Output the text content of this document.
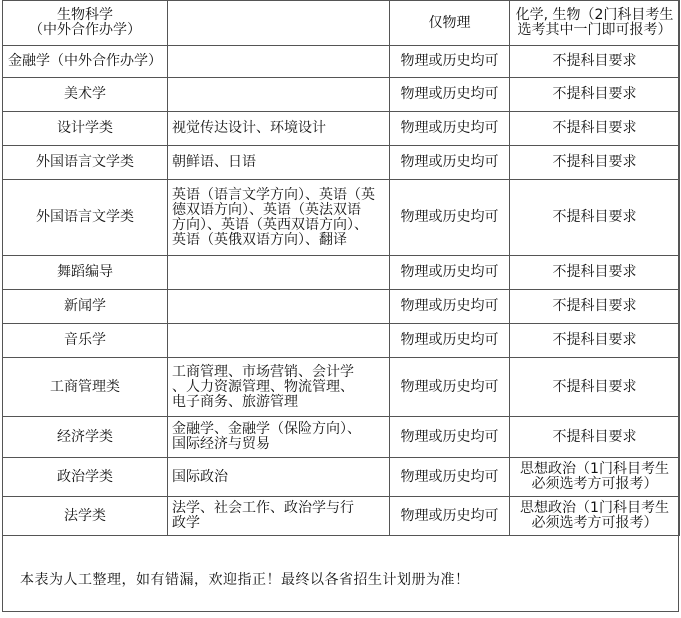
生物科学
（中外合作办学）		仅物理	化学, 生物（2门科目考生
选考其中一门即可报考）
金融学（中外合作办学）		物理或历史均可	不提科目要求
美术学		物理或历史均可	不提科目要求
设计学类	视觉传达设计、环境设计	物理或历史均可	不提科目要求
外国语言文学类	朝鲜语、日语	物理或历史均可	不提科目要求
外国语言文学类	英语（语言文学方向）、英语（英
德双语方向）、英语（英法双语
方向）、英语（英西双语方向）、
英语（英俄双语方向）、翻译	物理或历史均可	不提科目要求
舞蹈编导		物理或历史均可	不提科目要求
新闻学		物理或历史均可	不提科目要求
音乐学		物理或历史均可	不提科目要求
工商管理类	工商管理、市场营销、会计学
、人力资源管理、物流管理、
电子商务、旅游管理	物理或历史均可	不提科目要求
经济学类	金融学、金融学（保险方向）、
国际经济与贸易	物理或历史均可	不提科目要求
政治学类	国际政治	物理或历史均可	思想政治（1门科目考生
必须选考方可报考）
法学类	法学、社会工作、政治学与行
政学	物理或历史均可	思想政治（1门科目考生
必须选考方可报考）
本表为人工整理，如有错漏，欢迎指正！最终以各省招生计划册为准！
